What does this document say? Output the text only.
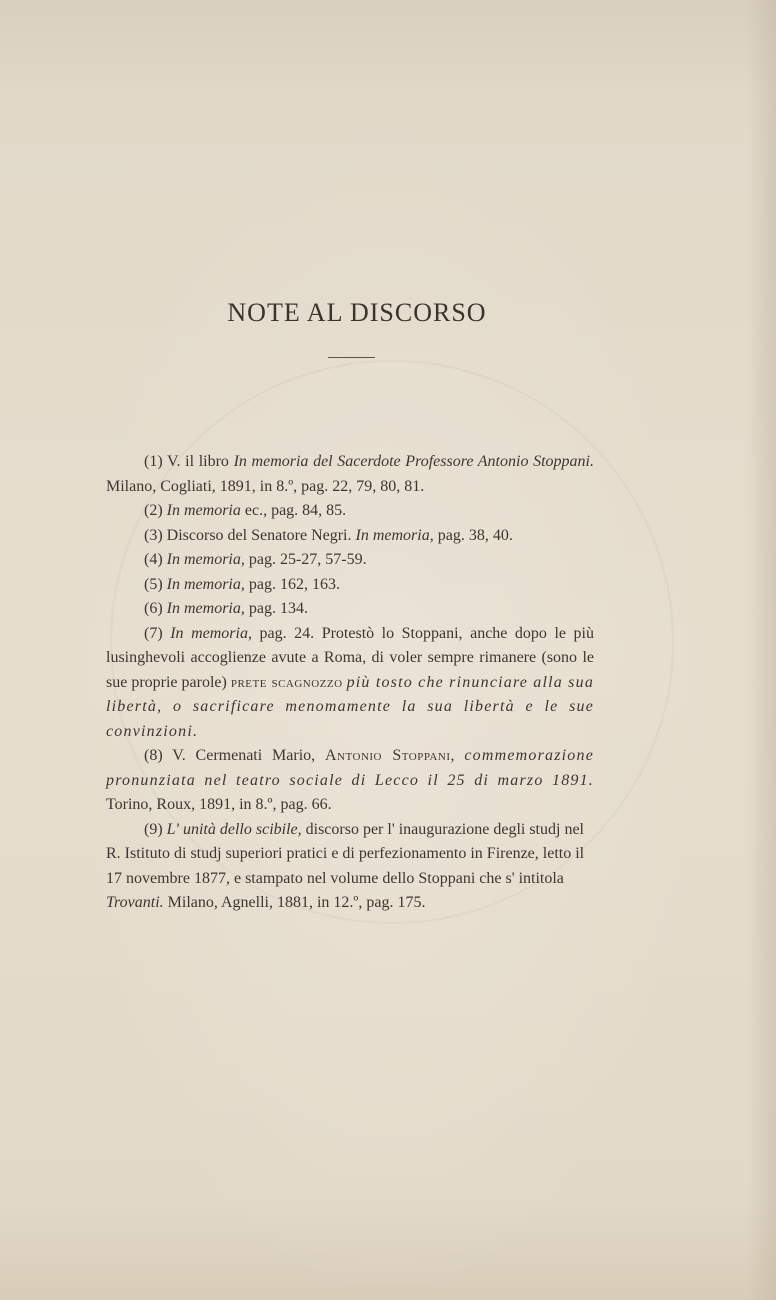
NOTE AL DISCORSO

(1) V. il libro In memoria del Sacerdote Professore Antonio Stoppani. Milano, Cogliati, 1891, in 8.º, pag. 22, 79, 80, 81.

(2) In memoria ec., pag. 84, 85.

(3) Discorso del Senatore Negri. In memoria, pag. 38, 40.

(4) In memoria, pag. 25-27, 57-59.

(5) In memoria, pag. 162, 163.

(6) In memoria, pag. 134.

(7) In memoria, pag. 24. Protestò lo Stoppani, anche dopo le più lusinghevoli accoglienze avute a Roma, di voler sempre rimanere (sono le sue proprie parole) prete scagnozzo più tosto che rinunciare alla sua libertà, o sacrificare menomamente la sua libertà e le sue convinzioni.

(8) V. Cermenati Mario, Antonio Stoppani, commemorazione pronunziata nel teatro sociale di Lecco il 25 di marzo 1891. Torino, Roux, 1891, in 8.º, pag. 66.

(9) L' unità dello scibile, discorso per l' inaugurazione degli studj nel R. Istituto di studj superiori pratici e di perfezionamento in Firenze, letto il 17 novembre 1877, e stampato nel volume dello Stoppani che s' intitola Trovanti. Milano, Agnelli, 1881, in 12.º, pag. 175.
